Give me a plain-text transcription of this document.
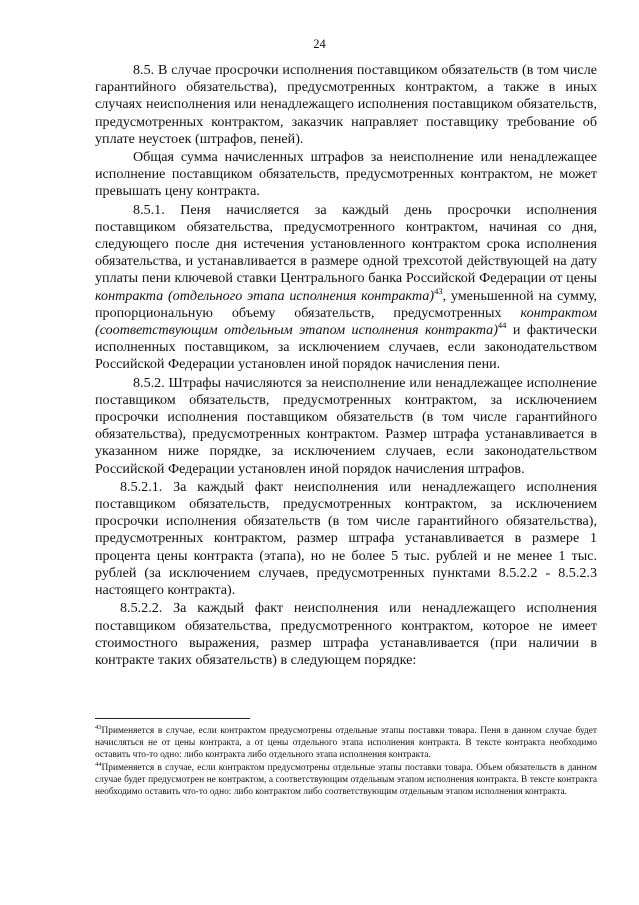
24

8.5. В случае просрочки исполнения поставщиком обязательств (в том числе гарантийного обязательства), предусмотренных контрактом, а также в иных случаях неисполнения или ненадлежащего исполнения поставщиком обязательств, предусмотренных контрактом, заказчик направляет поставщику требование об уплате неустоек (штрафов, пеней).

Общая сумма начисленных штрафов за неисполнение или ненадлежащее исполнение поставщиком обязательств, предусмотренных контрактом, не может превышать цену контракта.

8.5.1. Пеня начисляется за каждый день просрочки исполнения поставщиком обязательства, предусмотренного контрактом, начиная со дня, следующего после дня истечения установленного контрактом срока исполнения обязательства, и устанавливается в размере одной трехсотой действующей на дату уплаты пени ключевой ставки Центрального банка Российской Федерации от цены контракта (отдельного этапа исполнения контракта)$^{43}$, уменьшенной на сумму, пропорциональную объему обязательств, предусмотренных контрактом (соответствующим отдельным этапом исполнения контракта)$^{44}$ и фактически исполненных поставщиком, за исключением случаев, если законодательством Российской Федерации установлен иной порядок начисления пени.

8.5.2. Штрафы начисляются за неисполнение или ненадлежащее исполнение поставщиком обязательств, предусмотренных контрактом, за исключением просрочки исполнения поставщиком обязательств (в том числе гарантийного обязательства), предусмотренных контрактом. Размер штрафа устанавливается в указанном ниже порядке, за исключением случаев, если законодательством Российской Федерации установлен иной порядок начисления штрафов.

8.5.2.1. За каждый факт неисполнения или ненадлежащего исполнения поставщиком обязательств, предусмотренных контрактом, за исключением просрочки исполнения обязательств (в том числе гарантийного обязательства), предусмотренных контрактом, размер штрафа устанавливается в размере 1 процента цены контракта (этапа), но не более 5 тыс. рублей и не менее 1 тыс. рублей (за исключением случаев, предусмотренных пунктами 8.5.2.2 - 8.5.2.3 настоящего контракта).

8.5.2.2. За каждый факт неисполнения или ненадлежащего исполнения поставщиком обязательства, предусмотренного контрактом, которое не имеет стоимостного выражения, размер штрафа устанавливается (при наличии в контракте таких обязательств) в следующем порядке:

$^{43}$Применяется в случае, если контрактом предусмотрены отдельные этапы поставки товара. Пеня в данном случае будет начисляться не от цены контракта, а от цены отдельного этапа исполнения контракта. В тексте контракта необходимо оставить что-то одно: либо контракта либо отдельного этапа исполнения контракта.

$^{44}$Применяется в случае, если контрактом предусмотрены отдельные этапы поставки товара. Объем обязательств в данном случае будет предусмотрен не контрактом, а соответствующим отдельным этапом исполнения контракта. В тексте контракта необходимо оставить что-то одно: либо контрактом либо соответствующим отдельным этапом исполнения контракта.
